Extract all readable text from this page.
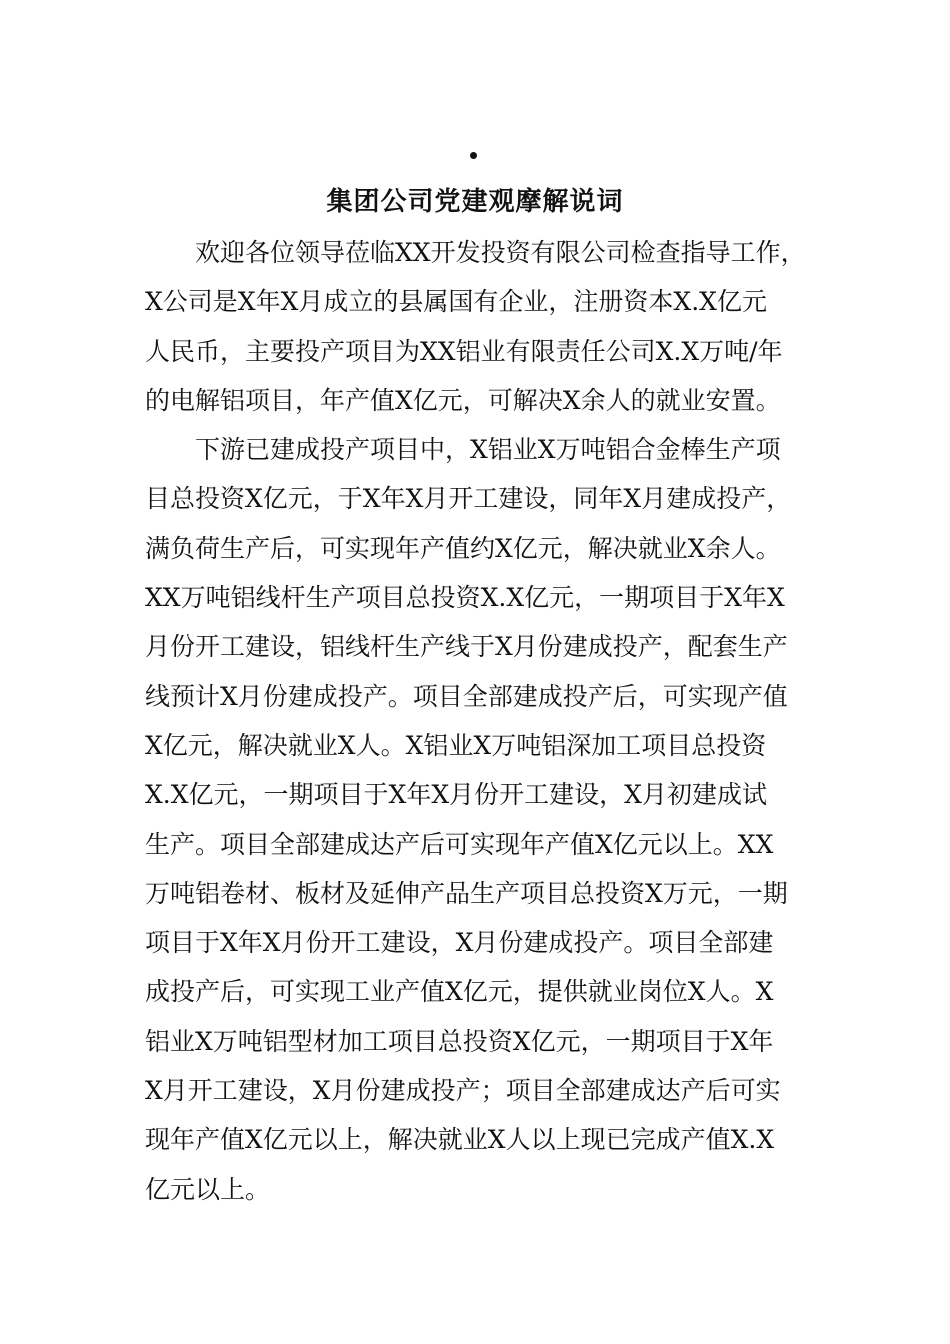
集团公司党建观摩解说词
欢迎各位领导莅临XX开发投资有限公司检查指导工作，
X公司是X年X月成立的县属国有企业，注册资本X.X亿元
人民币，主要投产项目为XX铝业有限责任公司X.X万吨/年
的电解铝项目，年产值X亿元，可解决X余人的就业安置。
下游已建成投产项目中，X铝业X万吨铝合金棒生产项
目总投资X亿元，于X年X月开工建设，同年X月建成投产，
满负荷生产后，可实现年产值约X亿元，解决就业X余人。
XX万吨铝线杆生产项目总投资X.X亿元，一期项目于X年X
月份开工建设，铝线杆生产线于X月份建成投产，配套生产
线预计X月份建成投产。项目全部建成投产后，可实现产值
X亿元，解决就业X人。X铝业X万吨铝深加工项目总投资
X.X亿元，一期项目于X年X月份开工建设，X月初建成试
生产。项目全部建成达产后可实现年产值X亿元以上。XX
万吨铝卷材、板材及延伸产品生产项目总投资X万元，一期
项目于X年X月份开工建设，X月份建成投产。项目全部建
成投产后，可实现工业产值X亿元，提供就业岗位X人。X
铝业X万吨铝型材加工项目总投资X亿元，一期项目于X年
X月开工建设，X月份建成投产；项目全部建成达产后可实
现年产值X亿元以上，解决就业X人以上现已完成产值X.X
亿元以上。
